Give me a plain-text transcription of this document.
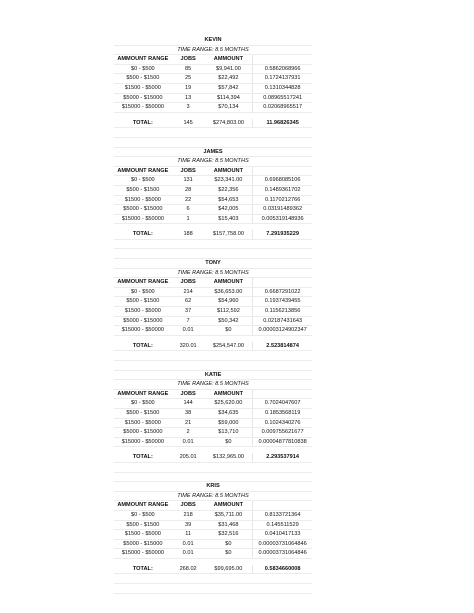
KEVIN
TIME RANGE: 8.5 MONTHS
AMMOUNT RANGE	JOBS	AMMOUNT
$0 - $500	85	$9,941.00	0.5862068966
$500 - $1500	25	$22,492	0.1724137931
$1500 - $5000	19	$57,842	0.1310344828
$5000 - $15000	13	$114,394	0.08965517241
$15000 - $50000	3	$70,134	0.02068965517
TOTAL:	145	$274,803.00	11.96826345
JAMES
TIME RANGE: 8.5 MONTHS
AMMOUNT RANGE	JOBS	AMMOUNT
$0 - $500	131	$23,341.00	0.6968085106
$500 - $1500	28	$22,356	0.1489361702
$1500 - $5000	22	$54,653	0.1170212766
$5000 - $15000	6	$42,005	0.03191489362
$15000 - $50000	1	$15,403	0.005319148936
TOTAL:	188	$157,758.00	7.291935229
TONY
TIME RANGE: 8.5 MONTHS
AMMOUNT RANGE	JOBS	AMMOUNT
$0 - $500	214	$36,653.00	0.6687291022
$500 - $1500	62	$54,960	0.1937439455
$1500 - $5000	37	$112,592	0.1156213856
$5000 - $15000	7	$50,342	0.02187431643
$15000 - $50000	0.01	$0	0.00003124902347
TOTAL:	320.01	$254,547.00	2.523814874
KATIE
TIME RANGE: 8.5 MONTHS
AMMOUNT RANGE	JOBS	AMMOUNT
$0 - $500	144	$25,620.00	0.7024047607
$500 - $1500	38	$34,635	0.1853568119
$1500 - $5000	21	$59,000	0.1024340276
$5000 - $15000	2	$13,710	0.009755621677
$15000 - $50000	0.01	$0	0.00004877810838
TOTAL:	205.01	$132,965.00	2.293537914
KRIS
TIME RANGE: 8.5 MONTHS
AMMOUNT RANGE	JOBS	AMMOUNT
$0 - $500	218	$35,711.00	0.8133721364
$500 - $1500	39	$31,468	0.145511529
$1500 - $5000	11	$32,516	0.0410417133
$5000 - $15000	0.01	$0	0.00003731064846
$15000 - $50000	0.01	$0	0.00003731064846
TOTAL:	268.02	$99,695.00	0.5834660008
